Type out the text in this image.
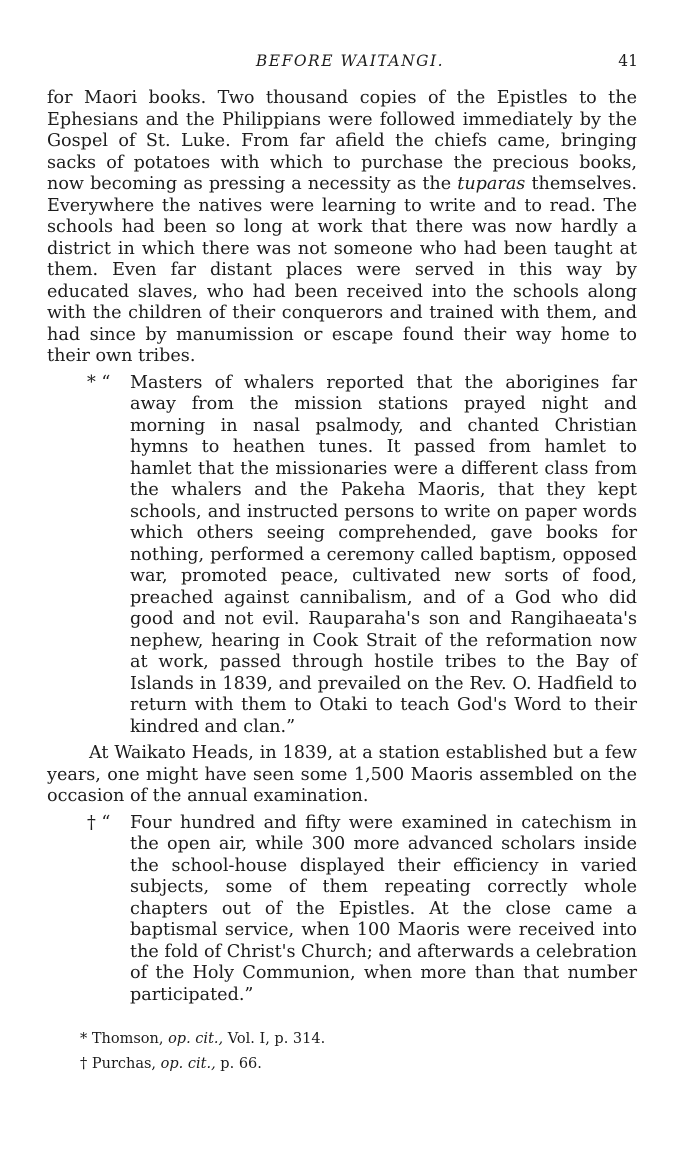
BEFORE WAITANGI.	41

for Maori books. Two thousand copies of the Epistles to the Ephesians and the Philippians were followed immediately by the Gospel of St. Luke. From far afield the chiefs came, bringing sacks of potatoes with which to purchase the precious books, now becoming as pressing a necessity as the tuparas themselves. Everywhere the natives were learning to write and to read. The schools had been so long at work that there was now hardly a district in which there was not someone who had been taught at them. Even far distant places were served in this way by educated slaves, who had been received into the schools along with the children of their conquerors and trained with them, and had since by manumission or escape found their way home to their own tribes.

* “ Masters of whalers reported that the aborigines far away from the mission stations prayed night and morning in nasal psalmody, and chanted Christian hymns to heathen tunes. It passed from hamlet to hamlet that the missionaries were a different class from the whalers and the Pakeha Maoris, that they kept schools, and instructed persons to write on paper words which others seeing comprehended, gave books for nothing, performed a ceremony called baptism, opposed war, promoted peace, cultivated new sorts of food, preached against cannibalism, and of a God who did good and not evil. Rauparaha's son and Rangihaeata's nephew, hearing in Cook Strait of the reformation now at work, passed through hostile tribes to the Bay of Islands in 1839, and prevailed on the Rev. O. Hadfield to return with them to Otaki to teach God's Word to their kindred and clan.”

At Waikato Heads, in 1839, at a station established but a few years, one might have seen some 1,500 Maoris assembled on the occasion of the annual examination.

† “ Four hundred and fifty were examined in catechism in the open air, while 300 more advanced scholars inside the school-house displayed their efficiency in varied subjects, some of them repeating correctly whole chapters out of the Epistles. At the close came a baptismal service, when 100 Maoris were received into the fold of Christ's Church; and afterwards a celebration of the Holy Communion, when more than that number participated.”

* Thomson, op. cit., Vol. I, p. 314.
† Purchas, op. cit., p. 66.
